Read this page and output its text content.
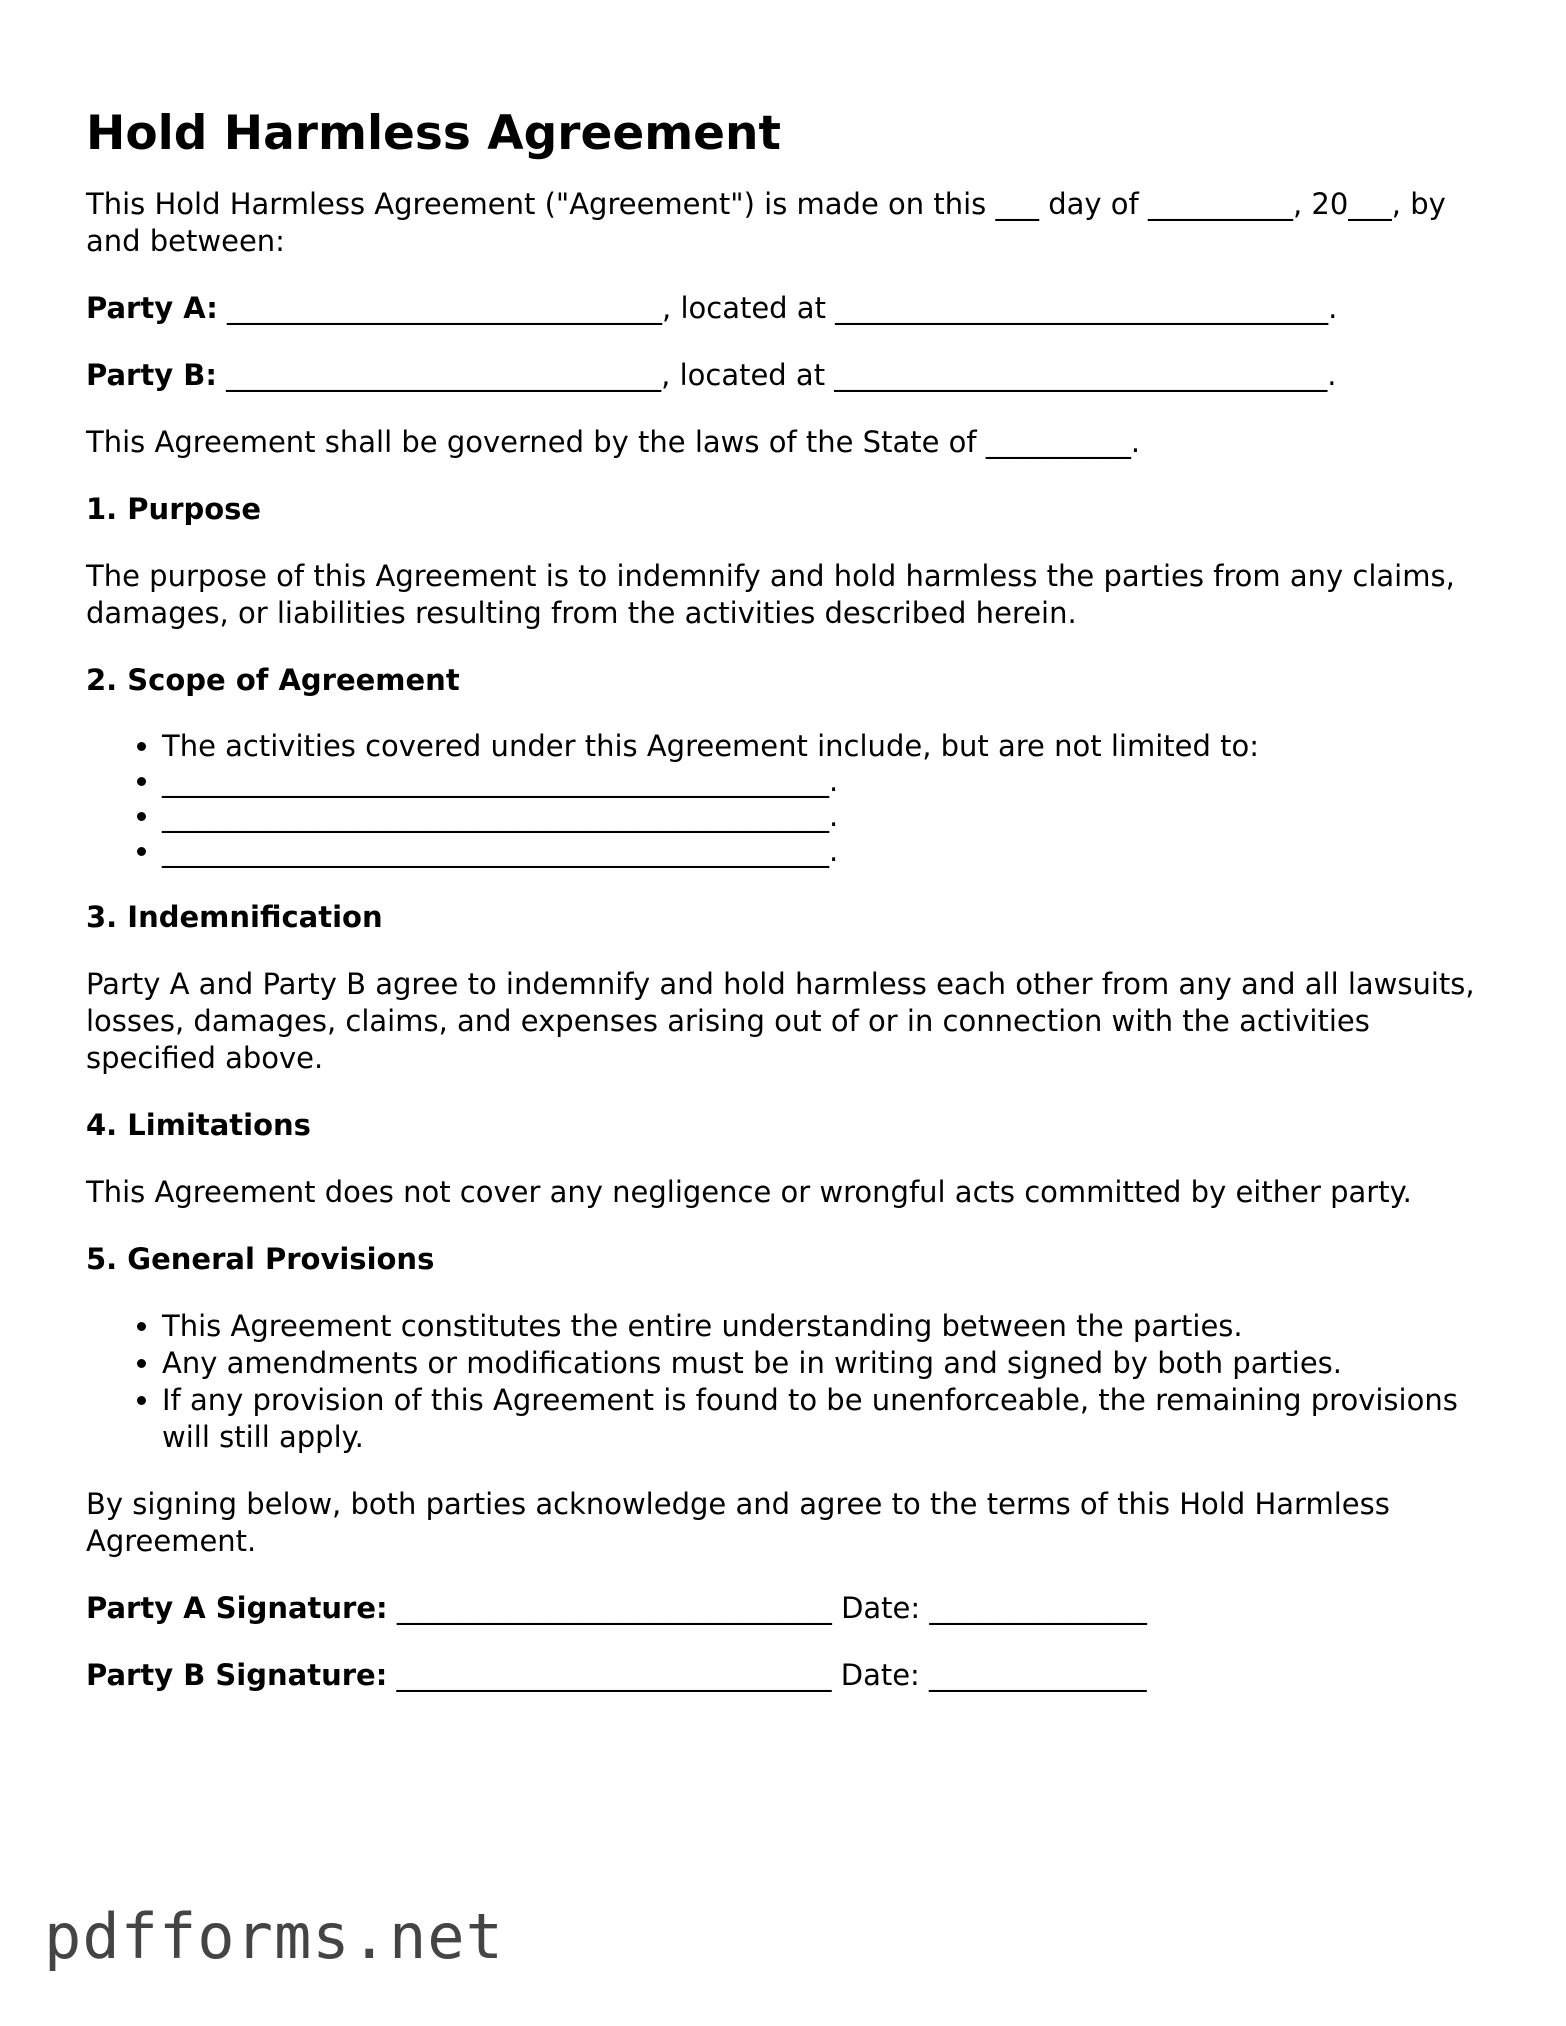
Hold Harmless Agreement

This Hold Harmless Agreement ("Agreement") is made on this ___ day of __________, 20___, by and between:

Party A: ______________________________, located at __________________________________.

Party B: ______________________________, located at __________________________________.

This Agreement shall be governed by the laws of the State of __________.

1. Purpose

The purpose of this Agreement is to indemnify and hold harmless the parties from any claims, damages, or liabilities resulting from the activities described herein.

2. Scope of Agreement
• The activities covered under this Agreement include, but are not limited to:
• ______________________________________________.
• ______________________________________________.
• ______________________________________________.
3. Indemnification

Party A and Party B agree to indemnify and hold harmless each other from any and all lawsuits, losses, damages, claims, and expenses arising out of or in connection with the activities specified above.

4. Limitations

This Agreement does not cover any negligence or wrongful acts committed by either party.

5. General Provisions
• This Agreement constitutes the entire understanding between the parties.
• Any amendments or modifications must be in writing and signed by both parties.
• If any provision of this Agreement is found to be unenforceable, the remaining provisions will still apply.

By signing below, both parties acknowledge and agree to the terms of this Hold Harmless Agreement.

Party A Signature: ______________________________ Date: _______________

Party B Signature: ______________________________ Date: _______________

pdfforms.net
